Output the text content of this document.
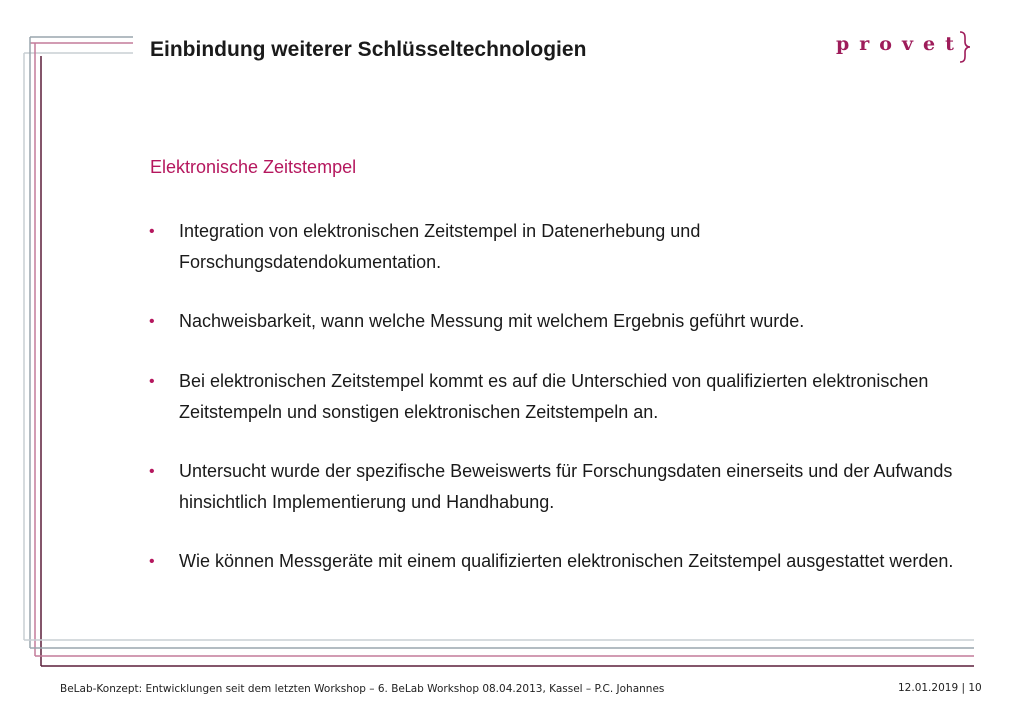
Einbindung weiterer Schlüsseltechnologien	provet
Elektronische Zeitstempel
• Integration von elektronischen Zeitstempel in Datenerhebung und Forschungsdatendokumentation.
• Nachweisbarkeit, wann welche Messung mit welchem Ergebnis geführt wurde.
• Bei elektronischen Zeitstempel kommt es auf die Unterschied von qualifizierten elektronischen Zeitstempeln und sonstigen elektronischen Zeitstempeln an.
• Untersucht wurde der spezifische Beweiswerts für Forschungsdaten einerseits und der Aufwands hinsichtlich Implementierung und Handhabung.
• Wie können Messgeräte mit einem qualifizierten elektronischen Zeitstempel ausgestattet werden.
BeLab-Konzept: Entwicklungen seit dem letzten Workshop – 6. BeLab Workshop 08.04.2013, Kassel – P.C. Johannes	12.01.2019 | 10
